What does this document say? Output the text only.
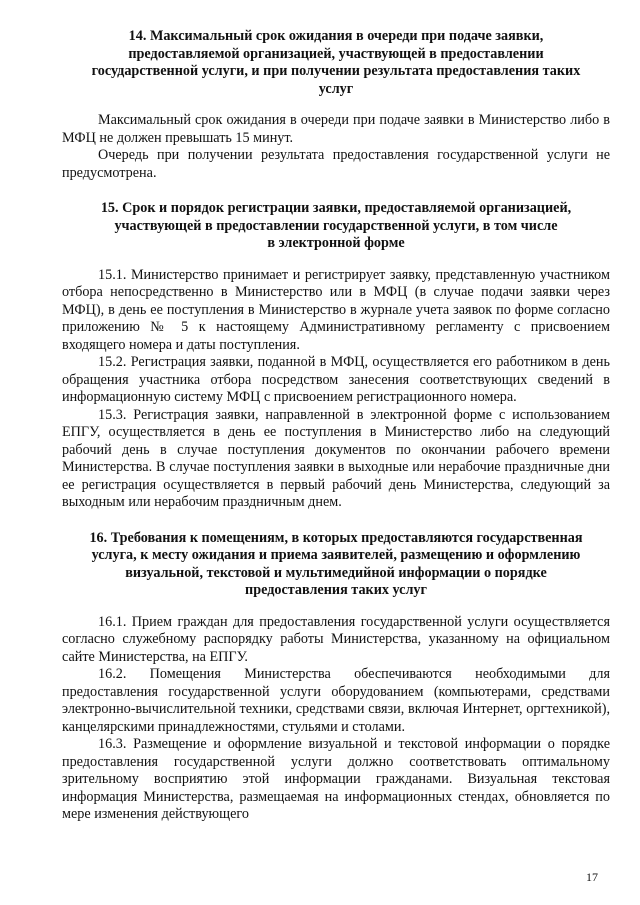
14. Максимальный срок ожидания в очереди при подаче заявки,
предоставляемой организацией, участвующей в предоставлении
государственной услуги, и при получении результата предоставления таких
услуг

Максимальный срок ожидания в очереди при подаче заявки в Министерство либо в МФЦ не должен превышать 15 минут.

Очередь при получении результата предоставления государственной услуги не предусмотрена.

15. Срок и порядок регистрации заявки, предоставляемой организацией,
участвующей в предоставлении государственной услуги, в том числе
в электронной форме

15.1. Министерство принимает и регистрирует заявку, представленную участником отбора непосредственно в Министерство или в МФЦ (в случае подачи заявки через МФЦ), в день ее поступления в Министерство в журнале учета заявок по форме согласно приложению № 5 к настоящему Административному регламенту с присвоением входящего номера и даты поступления.

15.2. Регистрация заявки, поданной в МФЦ, осуществляется его работником в день обращения участника отбора посредством занесения соответствующих сведений в информационную систему МФЦ с присвоением регистрационного номера.

15.3. Регистрация заявки, направленной в электронной форме с использованием ЕПГУ, осуществляется в день ее поступления в Министерство либо на следующий рабочий день в случае поступления документов по окончании рабочего времени Министерства. В случае поступления заявки в выходные или нерабочие праздничные дни ее регистрация осуществляется в первый рабочий день Министерства, следующий за выходным или нерабочим праздничным днем.

16. Требования к помещениям, в которых предоставляются государственная
услуга, к месту ожидания и приема заявителей, размещению и оформлению
визуальной, текстовой и мультимедийной информации о порядке
предоставления таких услуг

16.1. Прием граждан для предоставления государственной услуги осуществляется согласно служебному распорядку работы Министерства, указанному на официальном сайте Министерства, на ЕПГУ.

16.2. Помещения Министерства обеспечиваются необходимыми для предоставления государственной услуги оборудованием (компьютерами, средствами электронно-вычислительной техники, средствами связи, включая Интернет, оргтехникой), канцелярскими принадлежностями, стульями и столами.

16.3. Размещение и оформление визуальной и текстовой информации о порядке предоставления государственной услуги должно соответствовать оптимальному зрительному восприятию этой информации гражданами. Визуальная текстовая информация Министерства, размещаемая на информационных стендах, обновляется по мере изменения действующего

17
